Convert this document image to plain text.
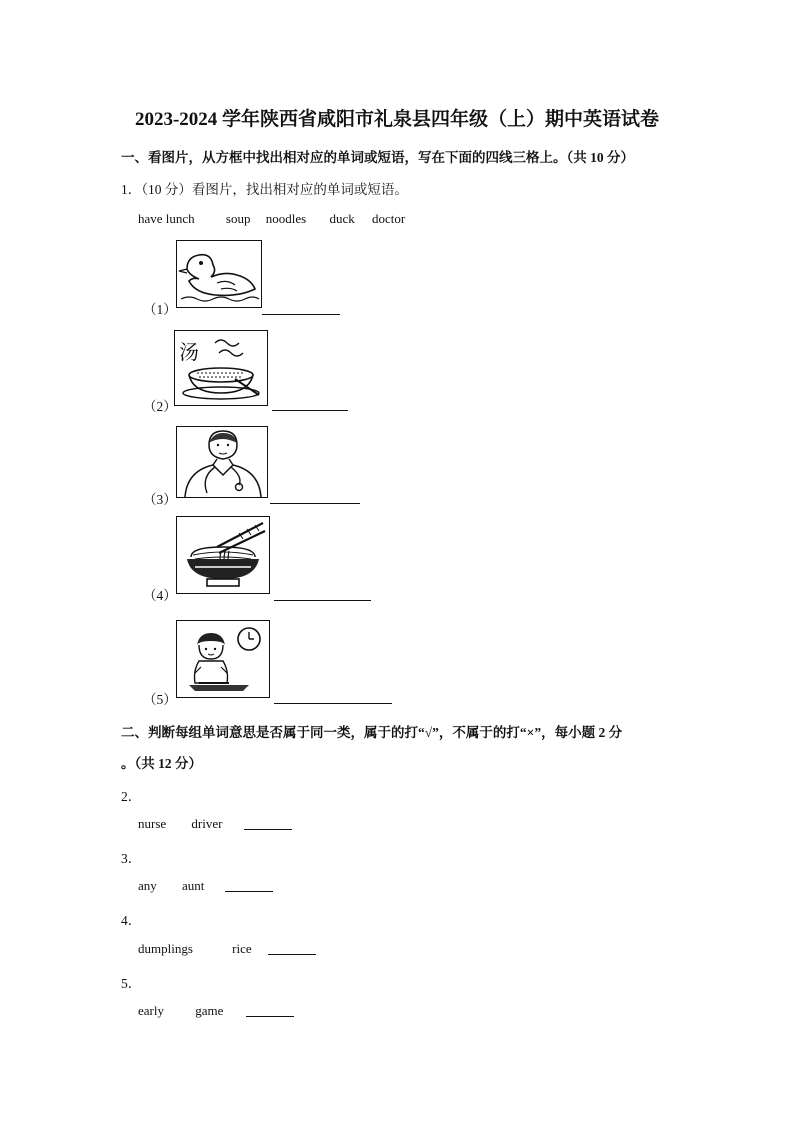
2023-2024 学年陕西省咸阳市礼泉县四年级（上）期中英语试卷
一、看图片，从方框中找出相对应的单词或短语，写在下面的四线三格上。（共 10 分）
1．（10 分）看图片，找出相对应的单词或短语。
have lunch soup noodles duck doctor
（1）
汤
（2）
（3）
（4）
（5）
二、判断每组单词意思是否属于同一类，属于的打“√”，不属于的打“×”，每小题 2 分
。（共 12 分）
2．
nurse driver
3．
any aunt
4．
dumplings	rice
5．
early game
